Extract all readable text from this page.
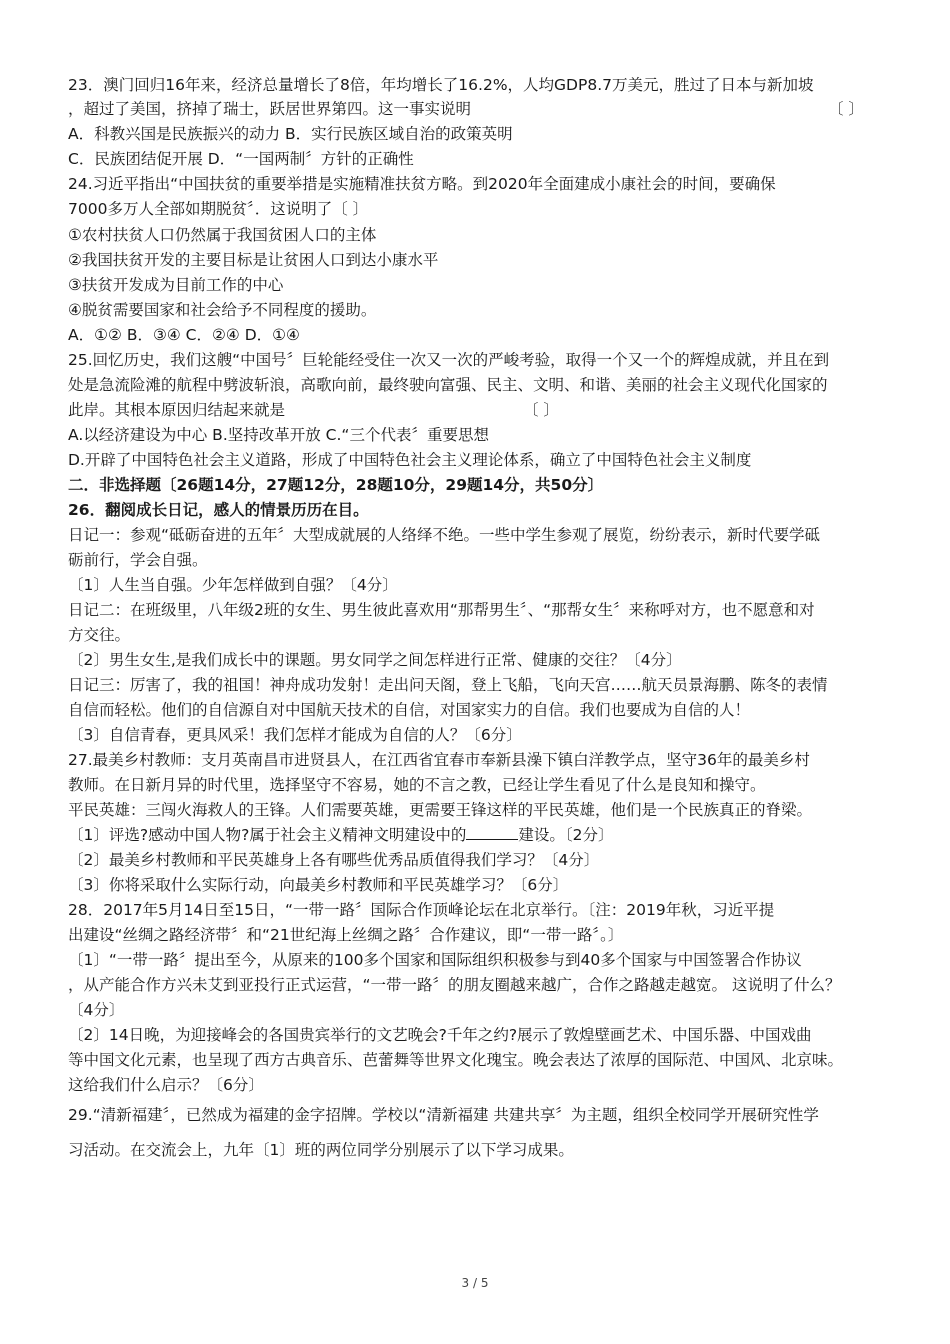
23．澳门回归16年来，经济总量增长了8倍，年均增长了16.2%，人均GDP8.7万美元，胜过了日本与新加坡
，超过了美国，挤掉了瑞士，跃居世界第四。这一事实说明	〔 〕
A．科教兴国是民族振兴的动力 B．实行民族区域自治的政策英明
C．民族团结促开展 D．“一国两制〞方针的正确性
24.习近平指出“中国扶贫的重要举措是实施精准扶贫方略。到2020年全面建成小康社会的时间，要确保
7000多万人全部如期脱贫〞．这说明了〔 〕
①农村扶贫人口仍然属于我国贫困人口的主体
②我国扶贫开发的主要目标是让贫困人口到达小康水平
③扶贫开发成为目前工作的中心
④脱贫需要国家和社会给予不同程度的援助。
A．①② B．③④ C．②④ D．①④
25.回忆历史，我们这艘“中国号〞巨轮能经受住一次又一次的严峻考验，取得一个又一个的辉煌成就，并且在到
处是急流险滩的航程中劈波斩浪，高歌向前，最终驶向富强、民主、文明、和谐、美丽的社会主义现代化国家的
此岸。其根本原因归结起来就是	〔 〕
A.以经济建设为中心 B.坚持改革开放 C.“三个代表〞重要思想
D.开辟了中国特色社会主义道路，形成了中国特色社会主义理论体系，确立了中国特色社会主义制度
二．非选择题〔26题14分，27题12分，28题10分，29题14分，共50分〕
26．翻阅成长日记，感人的情景历历在目。
日记一：参观“砥砺奋进的五年〞大型成就展的人络绎不绝。一些中学生参观了展览，纷纷表示，新时代要学砥
砺前行，学会自强。
〔1〕人生当自强。少年怎样做到自强？〔4分〕
日记二：在班级里，八年级2班的女生、男生彼此喜欢用“那帮男生〞、“那帮女生〞来称呼对方，也不愿意和对
方交往。
〔2〕男生女生,是我们成长中的课题。男女同学之间怎样进行正常、健康的交往？〔4分〕
日记三：厉害了，我的祖国！神舟成功发射！走出问天阁，登上飞船，飞向天宫……航天员景海鹏、陈冬的表情
自信而轻松。他们的自信源自对中国航天技术的自信，对国家实力的自信。我们也要成为自信的人！
〔3〕自信青春，更具风采！我们怎样才能成为自信的人？〔6分〕
27.最美乡村教师：支月英南昌市进贤县人，在江西省宜春市奉新县澡下镇白洋教学点，坚守36年的最美乡村
教师。在日新月异的时代里，选择坚守不容易，她的不言之教，已经让学生看见了什么是良知和操守。
平民英雄：三闯火海救人的王锋。人们需要英雄，更需要王锋这样的平民英雄，他们是一个民族真正的脊梁。
〔1〕评选?感动中国人物?属于社会主义精神文明建设中的	建设。〔2分〕
〔2〕最美乡村教师和平民英雄身上各有哪些优秀品质值得我们学习？〔4分〕
〔3〕你将采取什么实际行动，向最美乡村教师和平民英雄学习？〔6分〕
28．2017年5月14日至15日，“一带一路〞国际合作顶峰论坛在北京举行。〔注：2019年秋，习近平提
出建设“丝绸之路经济带〞和“21世纪海上丝绸之路〞合作建议，即“一带一路〞。〕
〔1〕“一带一路〞提出至今，从原来的100多个国家和国际组织积极参与到40多个国家与中国签署合作协议
，从产能合作方兴未艾到亚投行正式运营，“一带一路〞的朋友圈越来越广，合作之路越走越宽。 这说明了什么？
〔4分〕
〔2〕14日晚，为迎接峰会的各国贵宾举行的文艺晚会?千年之约?展示了敦煌壁画艺术、中国乐器、中国戏曲
等中国文化元素，也呈现了西方古典音乐、芭蕾舞等世界文化瑰宝。晚会表达了浓厚的国际范、中国风、北京味。
这给我们什么启示？〔6分〕
29.“清新福建〞，已然成为福建的金字招牌。学校以“清新福建 共建共享〞为主题，组织全校同学开展研究性学
习活动。在交流会上，九年〔1〕班的两位同学分别展示了以下学习成果。
3 / 5
